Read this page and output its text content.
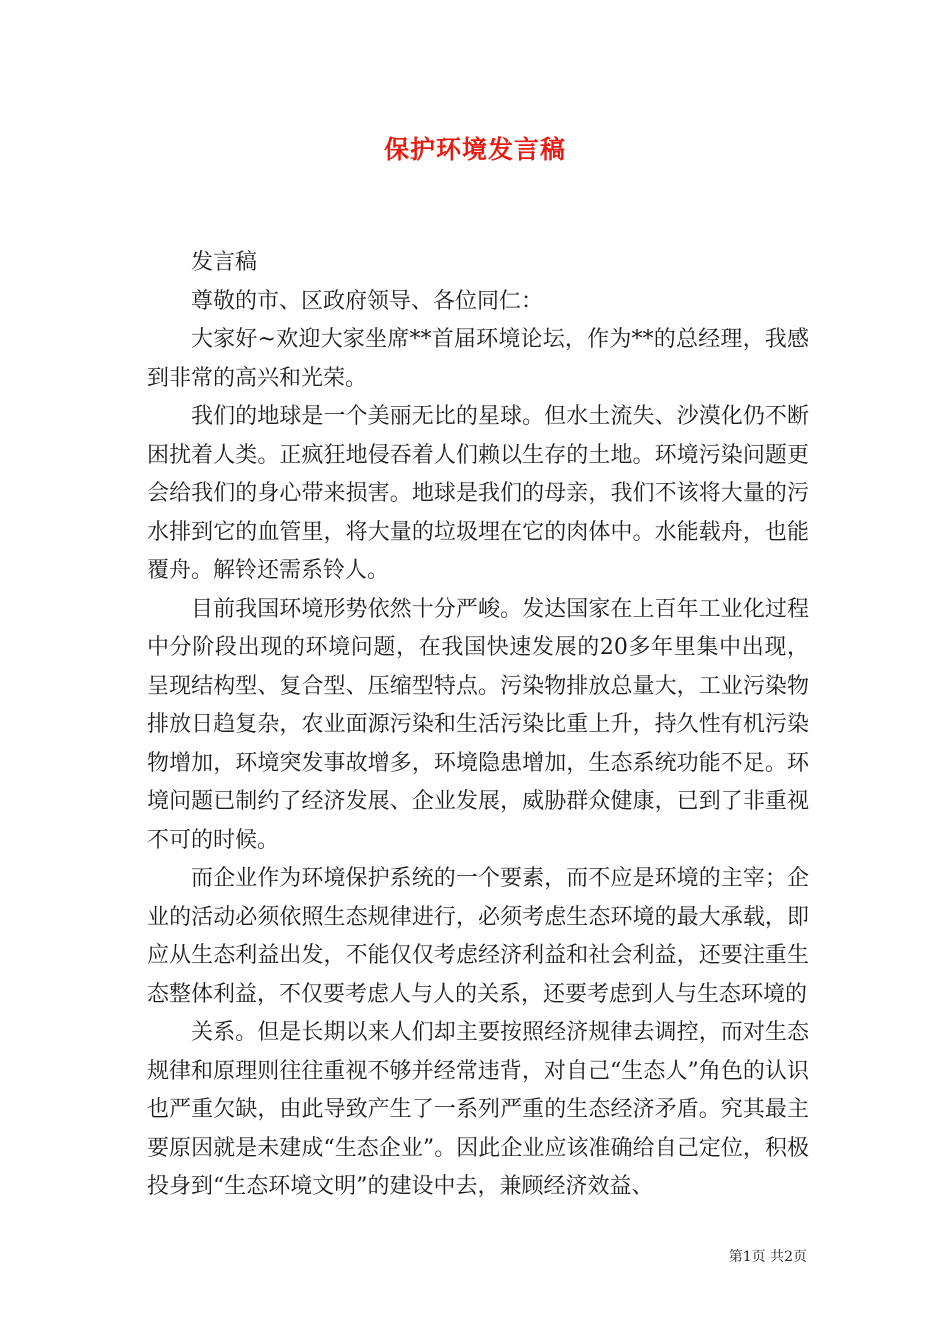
保护环境发言稿

发言稿

尊敬的市、区政府领导、各位同仁：

大家好~欢迎大家坐席**首届环境论坛，作为**的总经理，我感到非常的高兴和光荣。

我们的地球是一个美丽无比的星球。但水土流失、沙漠化仍不断困扰着人类。正疯狂地侵吞着人们赖以生存的土地。环境污染问题更会给我们的身心带来损害。地球是我们的母亲，我们不该将大量的污水排到它的血管里，将大量的垃圾埋在它的肉体中。水能载舟，也能覆舟。解铃还需系铃人。

目前我国环境形势依然十分严峻。发达国家在上百年工业化过程中分阶段出现的环境问题，在我国快速发展的20多年里集中出现，呈现结构型、复合型、压缩型特点。污染物排放总量大，工业污染物排放日趋复杂，农业面源污染和生活污染比重上升，持久性有机污染物增加，环境突发事故增多，环境隐患增加，生态系统功能不足。环境问题已制约了经济发展、企业发展，威胁群众健康，已到了非重视不可的时候。

而企业作为环境保护系统的一个要素，而不应是环境的主宰；企业的活动必须依照生态规律进行，必须考虑生态环境的最大承载，即应从生态利益出发，不能仅仅考虑经济利益和社会利益，还要注重生态整体利益，不仅要考虑人与人的关系，还要考虑到人与生态环境的

关系。但是长期以来人们却主要按照经济规律去调控，而对生态规律和原理则往往重视不够并经常违背，对自己“生态人”角色的认识也严重欠缺，由此导致产生了一系列严重的生态经济矛盾。究其最主要原因就是未建成“生态企业”。因此企业应该准确给自己定位，积极投身到“生态环境文明”的建设中去，兼顾经济效益、

第1页 共2页
